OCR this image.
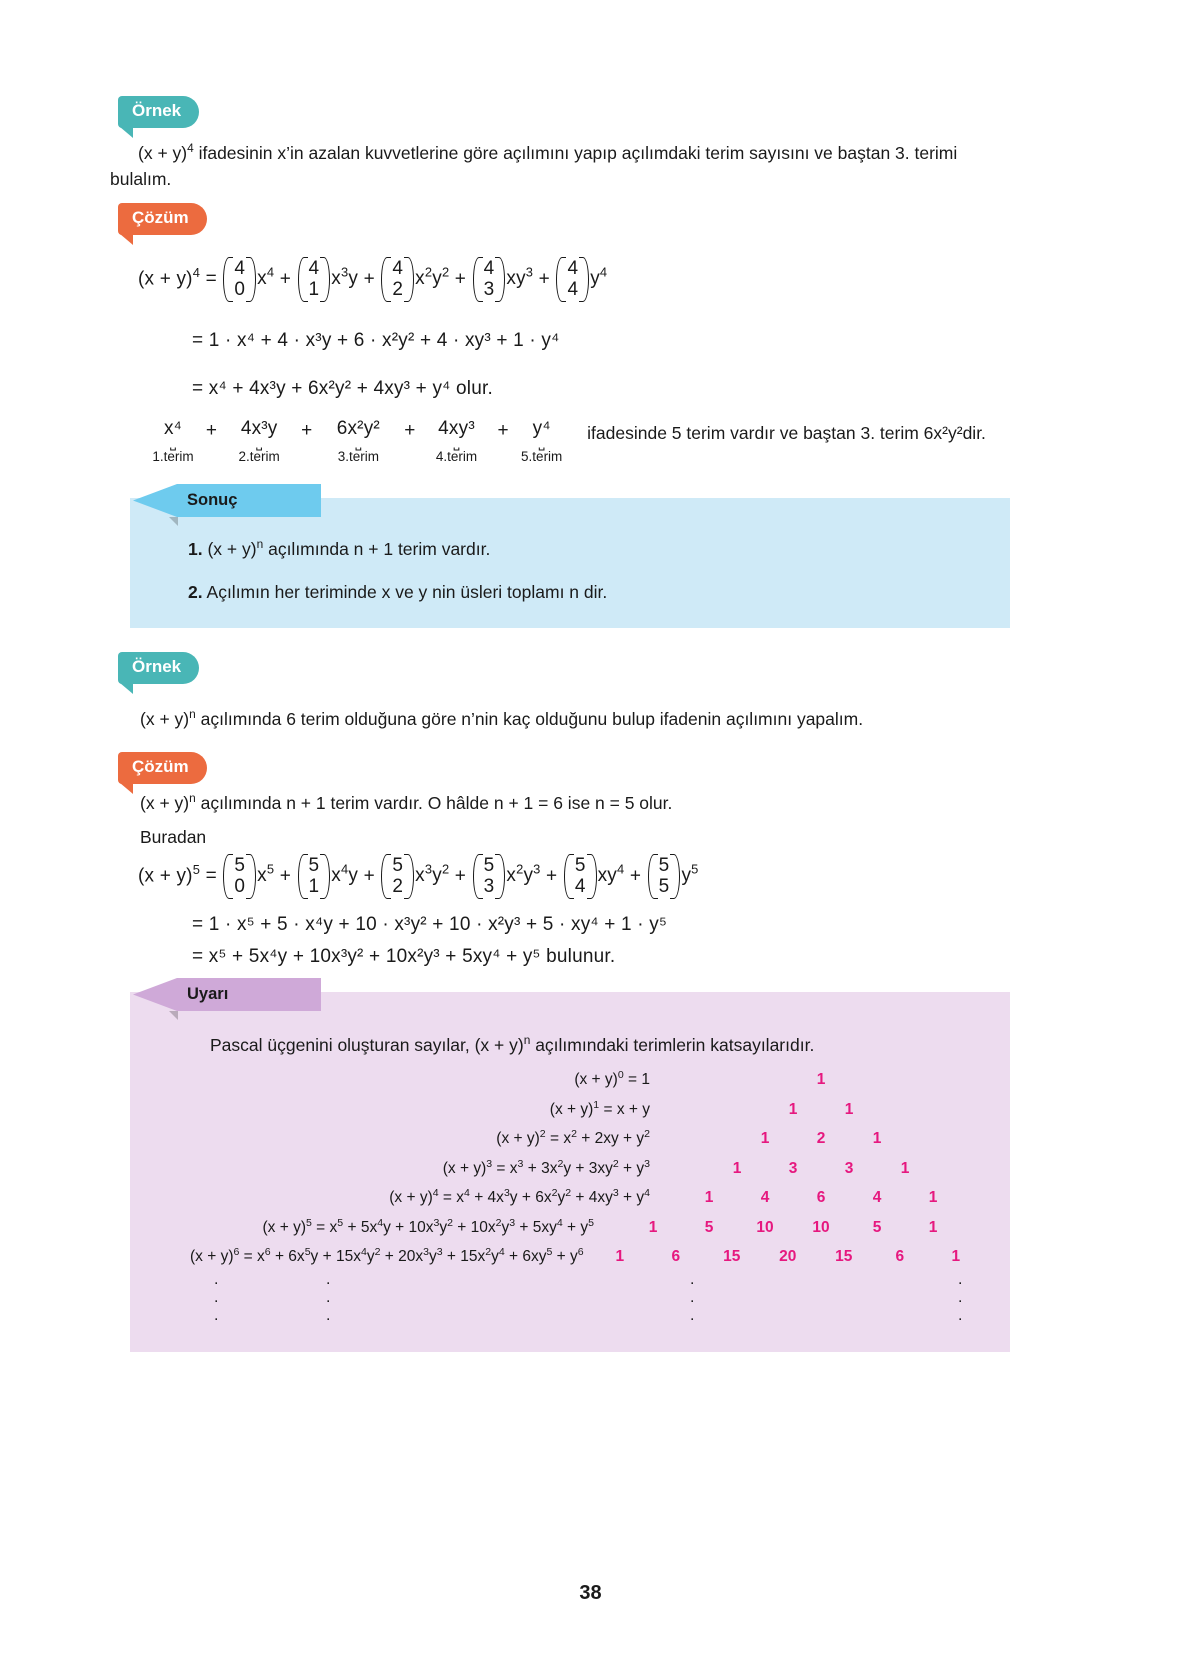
Örnek

$(x + y)^4$ ifadesinin x’in azalan kuvvetlerine göre açılımını yapıp açılımdaki terim sayısını ve baştan 3. terimi bulalım.

Çözüm
$(x + y)^4 = 4$
0
$x^4 + 4$
1
$x^3y + 4$
2
$x^2y^2 + 4$
3
$xy^3 + 4$
4
$y^4$
= 1 · x⁴ + 4 · x³y + 6 · x²y² + 4 · xy³ + 1 · y⁴
= x⁴ + 4x³y + 6x²y² + 4xy³ + y⁴ olur.
x⁴
⎵
1.terim
+ 4x³y
⎵
2.terim
+ 6x²y²
⎵
3.terim
+ 4xy³
⎵
4.terim
+ y⁴
⎵
5.terim
ifadesinde 5 terim vardır ve baştan 3. terim 6x²y²dir.
Sonuç

1. $(x + y)^n$ açılımında n + 1 terim vardır.

2. Açılımın her teriminde x ve y nin üsleri toplamı n dir.

Örnek

$(x + y)^n$ açılımında 6 terim olduğuna göre n’nin kaç olduğunu bulup ifadenin açılımını yapalım.

Çözüm

$(x + y)^n$ açılımında n + 1 terim vardır. O hâlde n + 1 = 6 ise n = 5 olur.

Buradan
$(x + y)^5 = 5$
0
$x^5 + 5$
1
$x^4y + 5$
2
$x^3y^2 + 5$
3
$x^2y^3 + 5$
4
$xy^4 + 5$
5
$y^5$
= 1 · x⁵ + 5 · x⁴y + 10 · x³y² + 10 · x²y³ + 5 · xy⁴ + 1 · y⁵
= x⁵ + 5x⁴y + 10x³y² + 10x²y³ + 5xy⁴ + y⁵ bulunur.
Uyarı

Pascal üçgenini oluşturan sayılar, $(x + y)^n$ açılımındaki terimlerin katsayılarıdır.

$(x + y)^0 = 1$	1
$(x + y)^1 = x + y$	1	1
$(x + y)^2 = x^2 + 2xy + y^2$	1	2	1
$(x + y)^3 = x^3 + 3x^2y + 3xy^2 + y^3$	1	3	3	1
$(x + y)^4 = x^4 + 4x^3y + 6x^2y^2 + 4xy^3 + y^4$	1	4	6	4	1
$(x + y)^5 = x^5 + 5x^4y + 10x^3y^2 + 10x^2y^3 + 5xy^4 + y^5$	1	5	10	10	5	1
$(x + y)^6 = x^6 + 6x^5y + 15x^4y^2 + 20x^3y^3 + 15x^2y^4 + 6xy^5 + y^6$	1	6	15	20	15	6	1
.
.
.
.
.
.
.
.
.
.
.
.
38
